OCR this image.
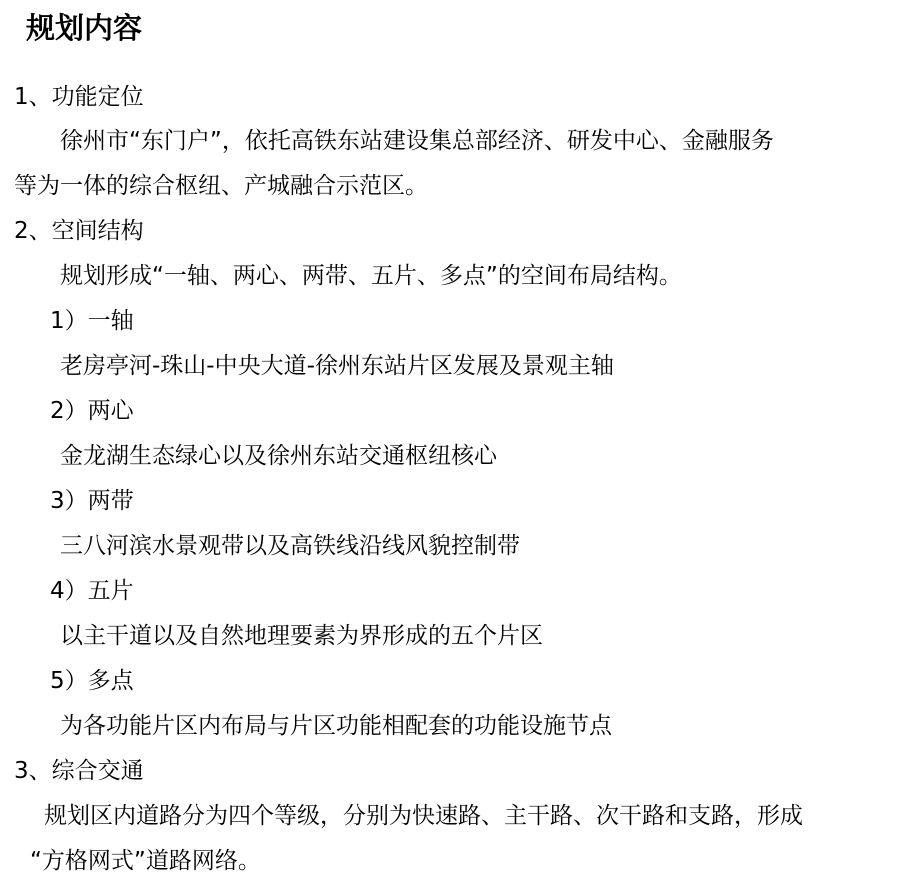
规划内容
1、功能定位
徐州市“东门户”，依托高铁东站建设集总部经济、研发中心、金融服务
等为一体的综合枢纽、产城融合示范区。
2、空间结构
规划形成“一轴、两心、两带、五片、多点”的空间布局结构。
1）一轴
老房亭河-珠山-中央大道-徐州东站片区发展及景观主轴
2）两心
金龙湖生态绿心以及徐州东站交通枢纽核心
3）两带
三八河滨水景观带以及高铁线沿线风貌控制带
4）五片
以主干道以及自然地理要素为界形成的五个片区
5）多点
为各功能片区内布局与片区功能相配套的功能设施节点
3、综合交通
规划区内道路分为四个等级，分别为快速路、主干路、次干路和支路，形成
“方格网式”道路网络。
